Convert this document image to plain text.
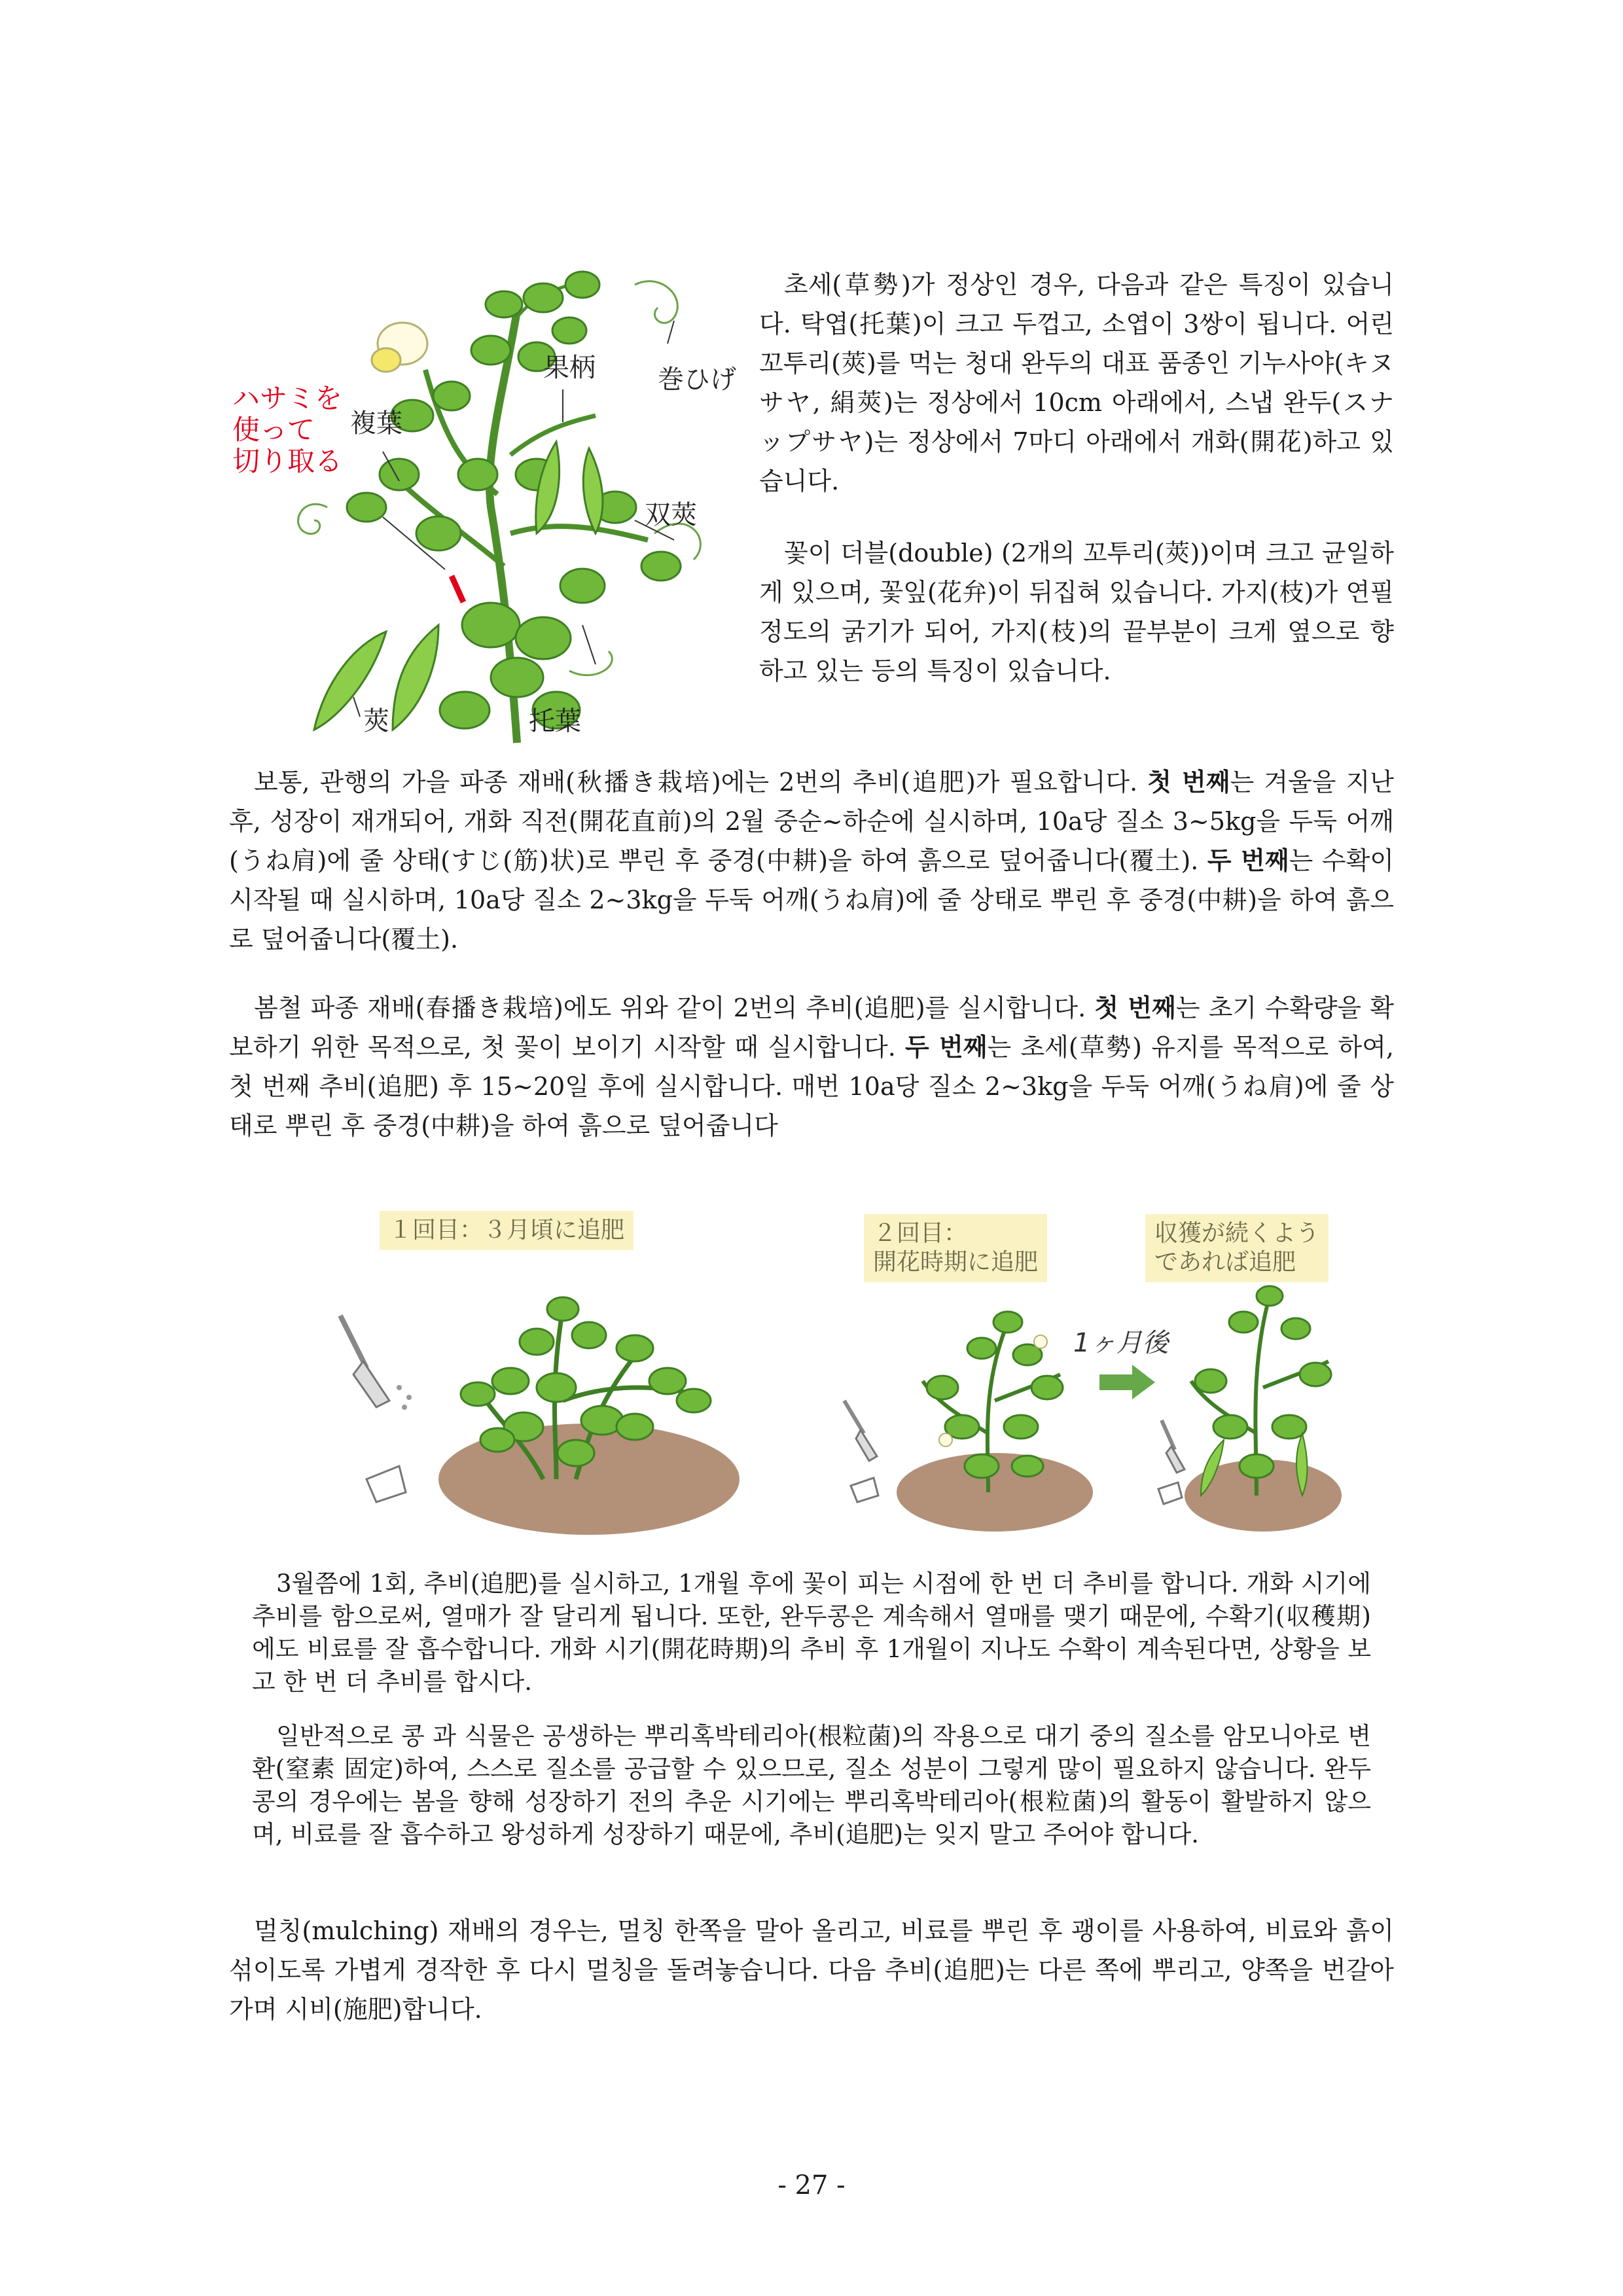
ハサミを
使って
切り取る
複葉
果柄 巻ひげ
双莢
莢	托葉

초세(草勢)가 정상인 경우, 다음과 같은 특징이 있습니다. 탁엽(托葉)이 크고 두껍고, 소엽이 3쌍이 됩니다. 어린 꼬투리(莢)를 먹는 청대 완두의 대표 품종인 기누사야(キヌサヤ, 絹莢)는 정상에서 10cm 아래에서, 스냅 완두(スナップサヤ)는 정상에서 7마디 아래에서 개화(開花)하고 있습니다.

꽃이 더블(double) (2개의 꼬투리(莢))이며 크고 균일하게 있으며, 꽃잎(花弁)이 뒤집혀 있습니다. 가지(枝)가 연필 정도의 굵기가 되어, 가지(枝)의 끝부분이 크게 옆으로 향하고 있는 등의 특징이 있습니다.

보통, 관행의 가을 파종 재배(秋播き栽培)에는 2번의 추비(追肥)가 필요합니다. 첫 번째는 겨울을 지난 후, 성장이 재개되어, 개화 직전(開花直前)의 2월 중순~하순에 실시하며, 10a당 질소 3~5kg을 두둑 어깨(うね肩)에 줄 상태(すじ(筋)状)로 뿌린 후 중경(中耕)을 하여 흙으로 덮어줍니다(覆土). 두 번째는 수확이 시작될 때 실시하며, 10a당 질소 2~3kg을 두둑 어깨(うね肩)에 줄 상태로 뿌린 후 중경(中耕)을 하여 흙으로 덮어줍니다(覆土).

봄철 파종 재배(春播き栽培)에도 위와 같이 2번의 추비(追肥)를 실시합니다. 첫 번째는 초기 수확량을 확보하기 위한 목적으로, 첫 꽃이 보이기 시작할 때 실시합니다. 두 번째는 초세(草勢) 유지를 목적으로 하여, 첫 번째 추비(追肥) 후 15~20일 후에 실시합니다. 매번 10a당 질소 2~3kg을 두둑 어깨(うね肩)에 줄 상태로 뿌린 후 중경(中耕)을 하여 흙으로 덮어줍니다

１回目：３月頃に追肥	２回目：
開花時期に追肥
収獲が続くよう
であれば追肥
1ヶ月後

3월쯤에 1회, 추비(追肥)를 실시하고, 1개월 후에 꽃이 피는 시점에 한 번 더 추비를 합니다. 개화 시기에 추비를 함으로써, 열매가 잘 달리게 됩니다. 또한, 완두콩은 계속해서 열매를 맺기 때문에, 수확기(収穫期)에도 비료를 잘 흡수합니다. 개화 시기(開花時期)의 추비 후 1개월이 지나도 수확이 계속된다면, 상황을 보고 한 번 더 추비를 합시다.

일반적으로 콩 과 식물은 공생하는 뿌리혹박테리아(根粒菌)의 작용으로 대기 중의 질소를 암모니아로 변환(窒素 固定)하여, 스스로 질소를 공급할 수 있으므로, 질소 성분이 그렇게 많이 필요하지 않습니다. 완두콩의 경우에는 봄을 향해 성장하기 전의 추운 시기에는 뿌리혹박테리아(根粒菌)의 활동이 활발하지 않으며, 비료를 잘 흡수하고 왕성하게 성장하기 때문에, 추비(追肥)는 잊지 말고 주어야 합니다.

멀칭(mulching) 재배의 경우는, 멀칭 한쪽을 말아 올리고, 비료를 뿌린 후 괭이를 사용하여, 비료와 흙이 섞이도록 가볍게 경작한 후 다시 멀칭을 돌려놓습니다. 다음 추비(追肥)는 다른 쪽에 뿌리고, 양쪽을 번갈아 가며 시비(施肥)합니다.

- 27 -
